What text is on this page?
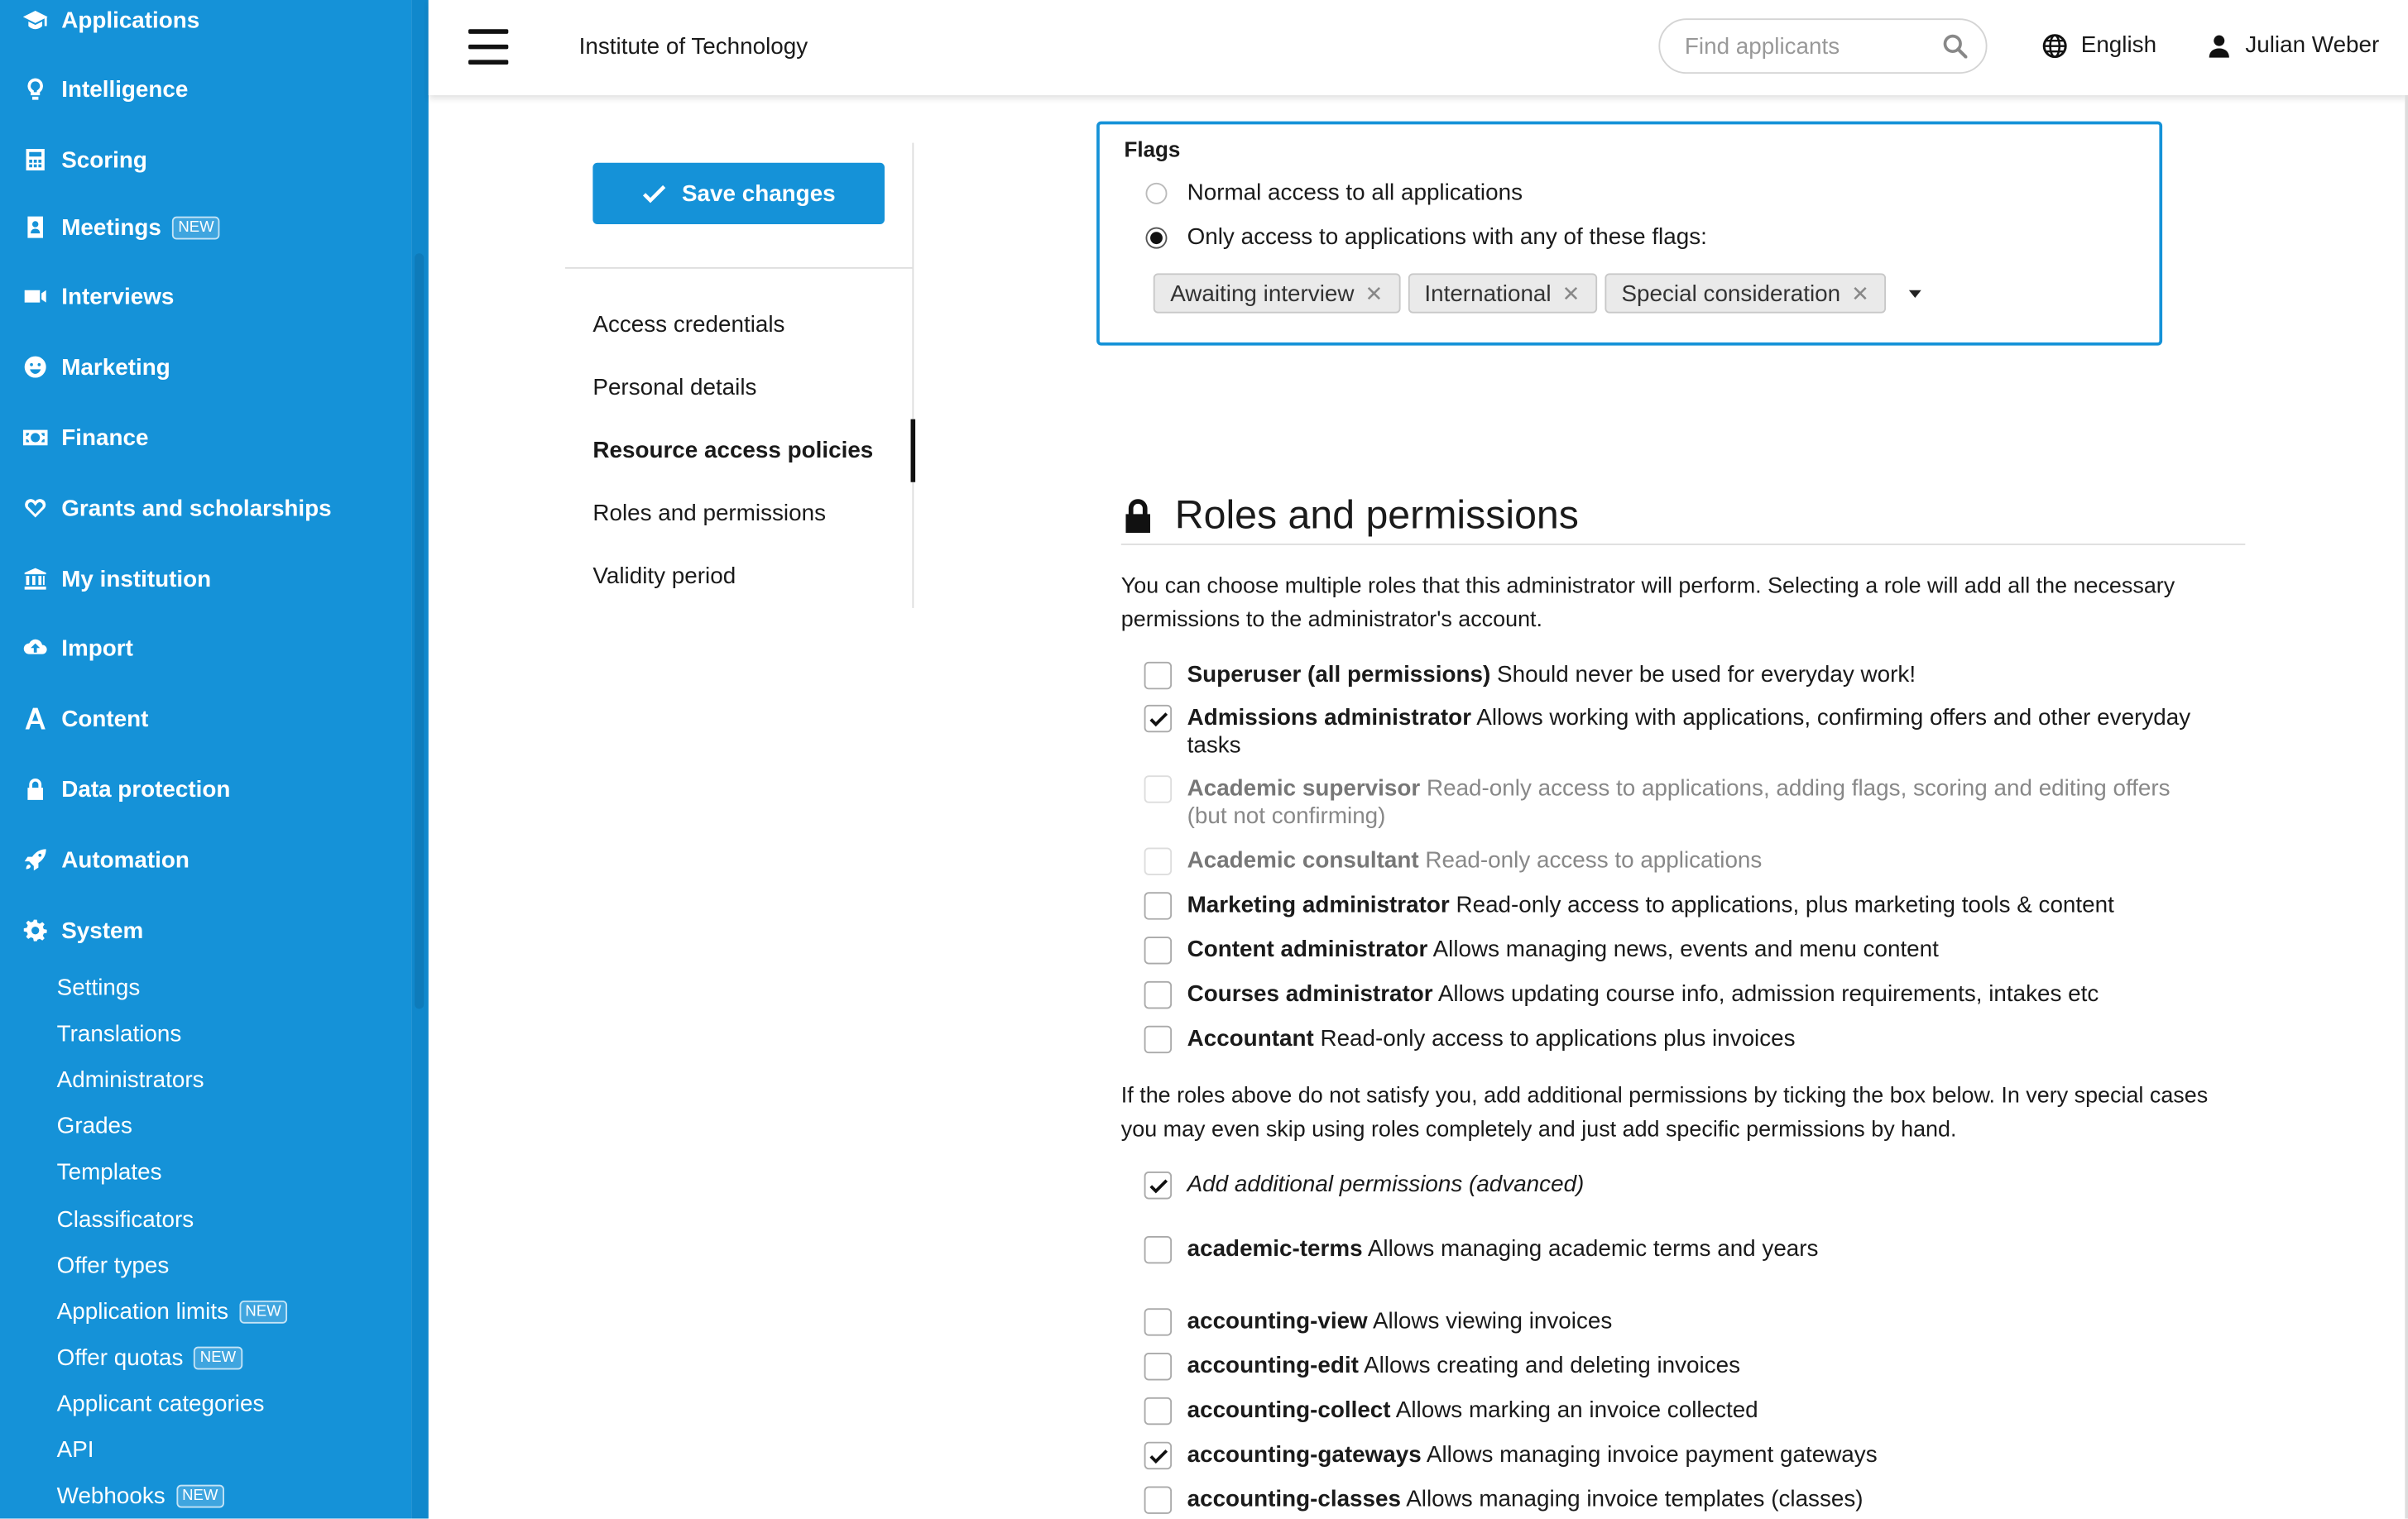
Applications
Intelligence
Scoring
Meetings	NEW
Interviews
Marketing
Finance
Grants and scholarships
My institution
Import
Content
Data protection
Automation
System
Settings
Translations
Administrators
Grades
Templates
Classificators
Offer types
Application limits	NEW
Offer quotas	NEW
Applicant categories
API
Webhooks	NEW
Institute of Technology
Find applicants	English	Julian Weber
Save changes
Access credentials
Personal details
Resource access policies
Roles and permissions
Validity period
Flags
Normal access to all applications
Only access to applications with any of these flags:
Awaiting interview ✕	International ✕	Special consideration ✕
Roles and permissions
You can choose multiple roles that this administrator will perform. Selecting a role will add all the necessary permissions to the administrator's account.
Superuser (all permissions) Should never be used for everyday work!
Admissions administrator Allows working with applications, confirming offers and other everyday tasks
Academic supervisor Read-only access to applications, adding flags, scoring and editing offers (but not confirming)
Academic consultant Read-only access to applications
Marketing administrator Read-only access to applications, plus marketing tools & content
Content administrator Allows managing news, events and menu content
Courses administrator Allows updating course info, admission requirements, intakes etc
Accountant Read-only access to applications plus invoices
If the roles above do not satisfy you, add additional permissions by ticking the box below. In very special cases you may even skip using roles completely and just add specific permissions by hand.
Add additional permissions (advanced)
academic-terms Allows managing academic terms and years
accounting-view Allows viewing invoices
accounting-edit Allows creating and deleting invoices
accounting-collect Allows marking an invoice collected
accounting-gateways Allows managing invoice payment gateways
accounting-classes Allows managing invoice templates (classes)
